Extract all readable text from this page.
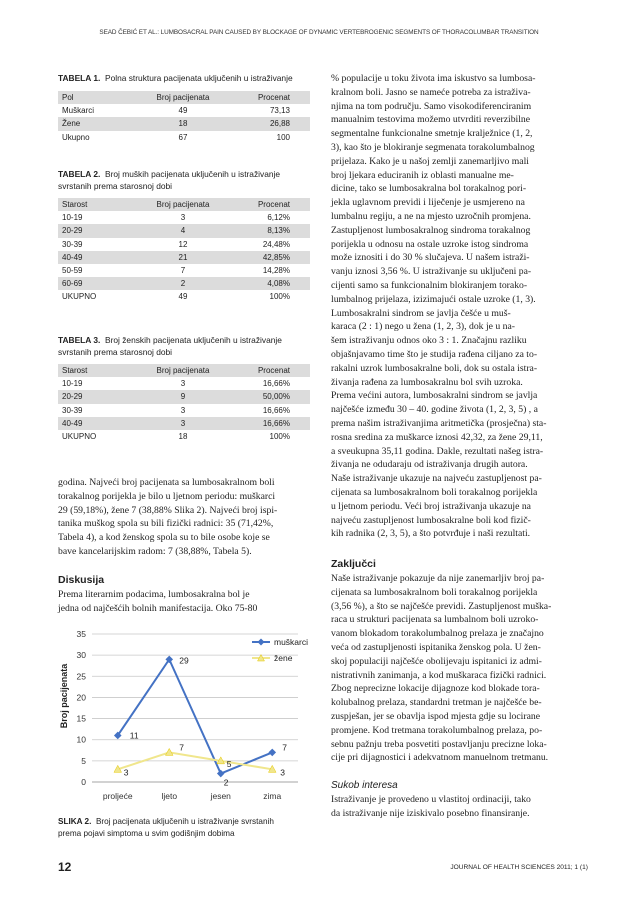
SEAD ČEBIĆ ET AL.: LUMBOSACRAL PAIN CAUSED BY BLOCKAGE OF DYNAMIC VERTEBROGENIC SEGMENTS OF THORACOLUMBAR TRANSITION
TABELA 1. Polna struktura pacijenata uključenih u istraživanje
Pol	Broj pacijenata	Procenat
Muškarci	49	73,13
Žene	18	26,88
Ukupno	67	100
TABELA 2. Broj muških pacijenata uključenih u istraživanje
svrstanih prema starosnoj dobi
Starost	Broj pacijenata	Procenat
10-19	3	6,12%
20-29	4	8,13%
30-39	12	24,48%
40-49	21	42,85%
50-59	7	14,28%
60-69	2	4,08%
UKUPNO	49	100%
TABELA 3. Broj ženskih pacijenata uključenih u istraživanje
svrstanih prema starosnoj dobi
Starost	Broj pacijenata	Procenat
10-19	3	16,66%
20-29	9	50,00%
30-39	3	16,66%
40-49	3	16,66%
UKUPNO	18	100%

godina. Najveći broj pacijenata sa lumbosakralnom boli

torakalnog porijekla je bilo u ljetnom periodu: muškarci

29 (59,18%), žene 7 (38,88% Slika 2). Najveći broj ispi-

tanika muškog spola su bili fizički radnici: 35 (71,42%,

Tabela 4), a kod ženskog spola su to bile osobe koje se

bave kancelarijskim radom: 7 (38,88%, Tabela 5).

Diskusija

Prema literarnim podacima, lumbosakralna bol je

jedna od najčešćih bolnih manifestacija. Oko 75-80

Broj pacijenata
0
5
10
15
20
25
30
35
proljeće	ljeto	jesen	zima
11
29
2
7
3
7
5
3
muškarci
žene
SLIKA 2. Broj pacijenata uključenih u istraživanje svrstanih
prema pojavi simptoma u svim godišnjim dobima

% populacije u toku života ima iskustvo sa lumbosa-

kralnom boli. Jasno se nameće potreba za istraživa-

njima na tom području. Samo visokodiferenciranim

manualnim testovima možemo utvrditi reverzibilne

segmentalne funkcionalne smetnje kralježnice (1, 2,

3), kao što je blokiranje segmenata torakolumbalnog

prijelaza. Kako je u našoj zemlji zanemarljivo mali

broj ljekara educiranih iz oblasti manualne me-

dicine, tako se lumbosakralna bol torakalnog pori-

jekla uglavnom previdi i liječenje je usmjereno na

lumbalnu regiju, a ne na mjesto uzročnih promjena.

Zastupljenost lumbosakralnog sindroma torakalnog

porijekla u odnosu na ostale uzroke istog sindroma

može iznositi i do 30 % slučajeva. U našem istraži-

vanju iznosi 3,56 %. U istraživanje su uključeni pa-

cijenti samo sa funkcionalnim blokiranjem torako-

lumbalnog prijelaza, izizimajući ostale uzroke (1, 3).

Lumbosakralni sindrom se javlja češće u muš-

karaca (2 : 1) nego u žena (1, 2, 3), dok je u na-

šem istraživanju odnos oko 3 : 1. Značajnu razliku

objašnjavamo time što je studija rađena ciljano za to-

rakalni uzrok lumbosakralne boli, dok su ostala istra-

živanja rađena za lumbosakralnu bol svih uzroka.

Prema većini autora, lumbosakralni sindrom se javlja

najčešće između 30 – 40. godine života (1, 2, 3, 5) , a

prema našim istraživanjima aritmetička (prosječna) sta-

rosna sredina za muškarce iznosi 42,32, za žene 29,11,

a sveukupna 35,11 godina. Dakle, rezultati našeg istra-

živanja ne odudaraju od istraživanja drugih autora.

Naše istraživanje ukazuje na najveću zastupljenost pa-

cijenata sa lumbosakralnom boli torakalnog porijekla

u ljetnom periodu. Veći broj istraživanja ukazuje na

najveću zastupljenost lumbosakralne boli kod fizič-

kih radnika (2, 3, 5), a što potvrđuje i naši rezultati.

Zaključci

Naše istraživanje pokazuje da nije zanemarljiv broj pa-

cijenata sa lumbosakralnom boli torakalnog porijekla

(3,56 %), a što se najčešće previdi. Zastupljenost muška-

raca u strukturi pacijenata sa lumbalnom boli uzroko-

vanom blokadom torakolumbalnog prelaza je značajno

veća od zastupljenosti ispitanika ženskog pola. U žen-

skoj populaciji najčešće obolijevaju ispitanici iz admi-

nistrativnih zanimanja, a kod muškaraca fizički radnici.

Zbog neprecizne lokacije dijagnoze kod blokade tora-

kolubalnog prelaza, standardni tretman je najčešće be-

zuspješan, jer se obavlja ispod mjesta gdje su locirane

promjene. Kod tretmana torakolumbalnog prelaza, po-

sebnu pažnju treba posvetiti postavljanju precizne loka-

cije pri dijagnostici i adekvatnom manuelnom tretmanu.

Sukob interesa

Istraživanje je provedeno u vlastitoj ordinaciji, tako

da istraživanje nije iziskivalo posebno finansiranje.

12	JOURNAL OF HEALTH SCIENCES 2011; 1 (1)
